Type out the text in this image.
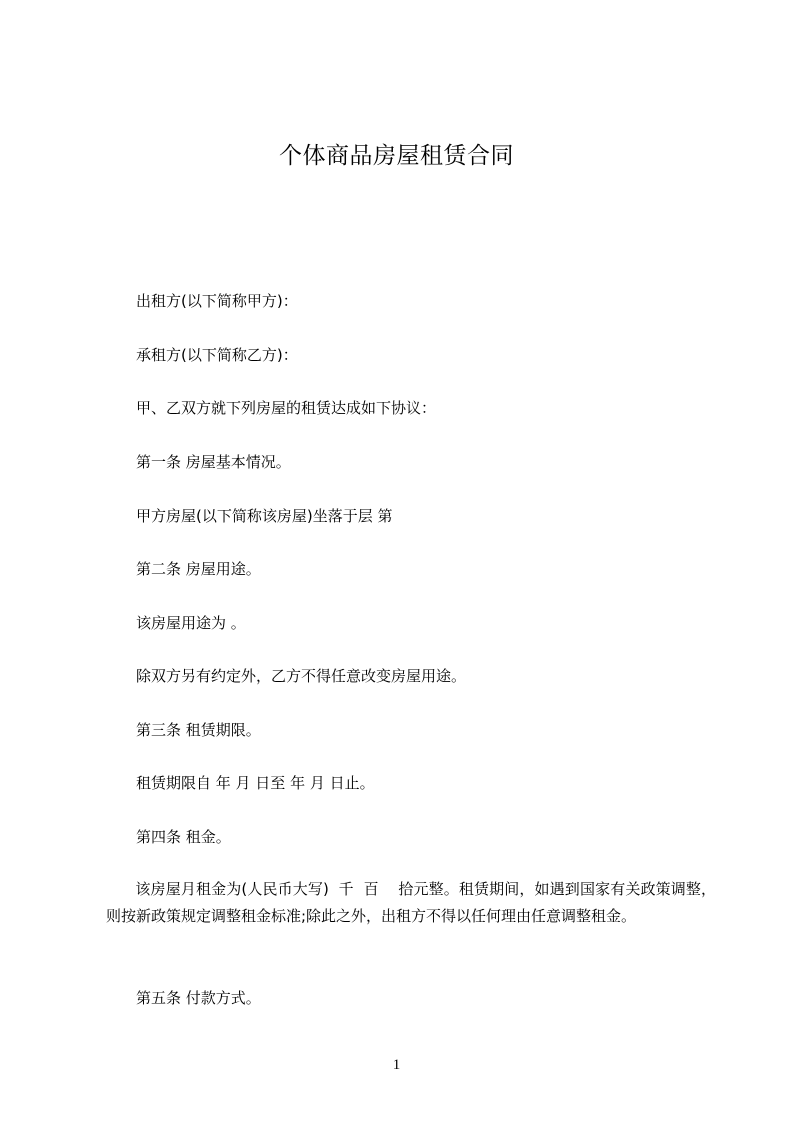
个体商品房屋租赁合同
出租方(以下简称甲方)：
承租方(以下简称乙方)：
甲、乙双方就下列房屋的租赁达成如下协议：
第一条 房屋基本情况。
甲方房屋(以下简称该房屋)坐落于层 第
第二条 房屋用途。
该房屋用途为 。
除双方另有约定外，乙方不得任意改变房屋用途。
第三条 租赁期限。
租赁期限自 年 月 日至 年 月 日止。
第四条 租金。
该房屋月租金为(人民币大写)  千  百    拾元整。租赁期间，如遇到国家有关政策调整，则按新政策规定调整租金标准;除此之外，出租方不得以任何理由任意调整租金。
第五条 付款方式。
1
